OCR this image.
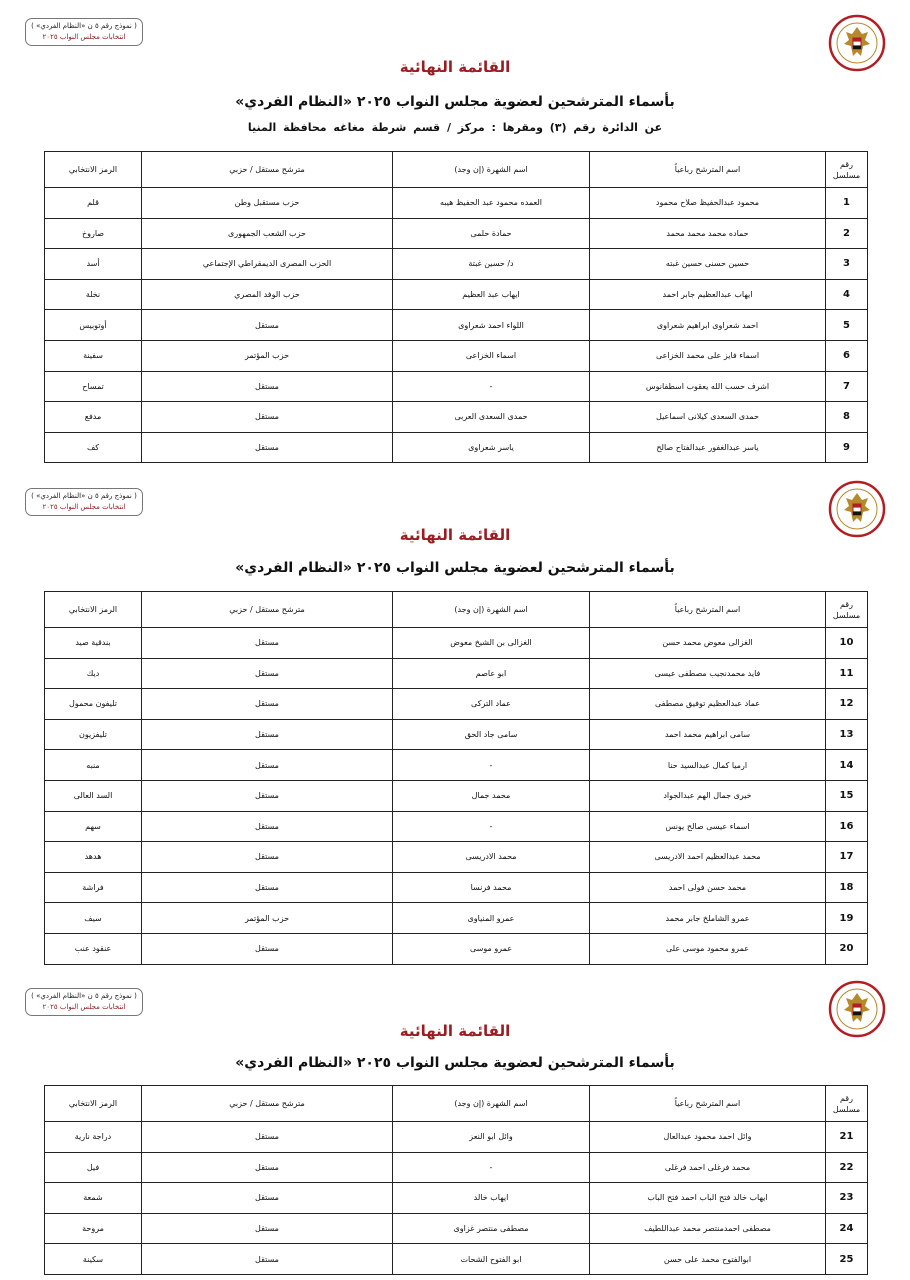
( نموذج رقم ٥ ن «النظام الفردي» )
انتخابات مجلس النواب ٢٠٢٥
القائمة النهائية
بأسماء المترشحين لعضوية مجلس النواب ٢٠٢٥ «النظام الفردي»
عن الدائرة رقم (٣) ومقرها : مركز / قسم شرطة مغاغه محافظة المنيا
رقم مسلسل	اسم المترشح رباعياً	اسم الشهرة (إن وجد)	مترشح مستقل / حزبي	الرمز الانتخابي
1	محمود عبدالحفيظ صلاح محمود	العمده محمود عبد الحفيظ هيبه	حزب مستقبل وطن	قلم
2	حماده محمد محمد محمد	حمادة حلمى	حزب الشعب الجمهورى	صاروخ
3	حسين حسنى حسين غبته	د/ حسين غبتة	الحزب المصرى الديمقراطي الإجتماعي	أسد
4	ايهاب عبدالعظيم جابر احمد	ايهاب عبد العظيم	حزب الوفد المصري	نخلة
5	احمد شعراوى ابراهيم شعراوى	اللواء احمد شعراوى	مستقل	أوتوبيس
6	اسماء فايز على محمد الخزاعى	اسماء الخزاعى	حزب المؤتمر	سفينة
7	اشرف حسب الله يعقوب اسطفانوس	-	مستقل	تمساح
8	حمدى السعدى كيلانى اسماعيل	حمدى السعدى العربى	مستقل	مدفع
9	ياسر عبدالغفور عبدالفتاح صالح	ياسر شعراوى	مستقل	كف
( نموذج رقم ٥ ن «النظام الفردي» )
انتخابات مجلس النواب ٢٠٢٥
القائمة النهائية
بأسماء المترشحين لعضوية مجلس النواب ٢٠٢٥ «النظام الفردي»
رقم مسلسل	اسم المترشح رباعياً	اسم الشهرة (إن وجد)	مترشح مستقل / حزبي	الرمز الانتخابي
10	الغزالى معوض محمد حسن	الغزالى بن الشيخ معوض	مستقل	بندقية صيد
11	فايد محمدنجيب مصطفى عيسى	ابو عاصم	مستقل	ديك
12	عماد عبدالعظيم توفيق مصطفى	عماد التركى	مستقل	تليفون محمول
13	سامى ابراهيم محمد احمد	سامى جاد الحق	مستقل	تليفزيون
14	ارميا كمال عبدالسيد حنا	-	مستقل	منبه
15	خيرى جمال الهم عبدالجواد	محمد جمال	مستقل	السد العالى
16	اسماء عيسى صالح يونس	-	مستقل	سهم
17	محمد عبدالعظيم احمد الادريسى	محمد الادريسى	مستقل	هدهد
18	محمد حسن فولى احمد	محمد فرنسا	مستقل	فراشة
19	عمرو الشاملخ جابر محمد	عمرو المنياوى	حزب المؤتمر	سيف
20	عمرو محمود موسى على	عمرو موسى	مستقل	عنقود عنب
( نموذج رقم ٥ ن «النظام الفردي» )
انتخابات مجلس النواب ٢٠٢٥
القائمة النهائية
بأسماء المترشحين لعضوية مجلس النواب ٢٠٢٥ «النظام الفردي»
رقم مسلسل	اسم المترشح رباعياً	اسم الشهرة (إن وجد)	مترشح مستقل / حزبي	الرمز الانتخابي
21	وائل احمد محمود عبدالعال	وائل ابو النعز	مستقل	دراجة نارية
22	محمد فرغلى احمد فرغلى	-	مستقل	فيل
23	ايهاب خالد فتح الباب احمد فتح الباب	ايهاب خالد	مستقل	شمعة
24	مصطفى احمدمنتصر محمد عبداللطيف	مصطفى منتصر غزاوى	مستقل	مروحة
25	ابوالفتوح محمد على حسن	ابو الفتوح الشحات	مستقل	سكينة
